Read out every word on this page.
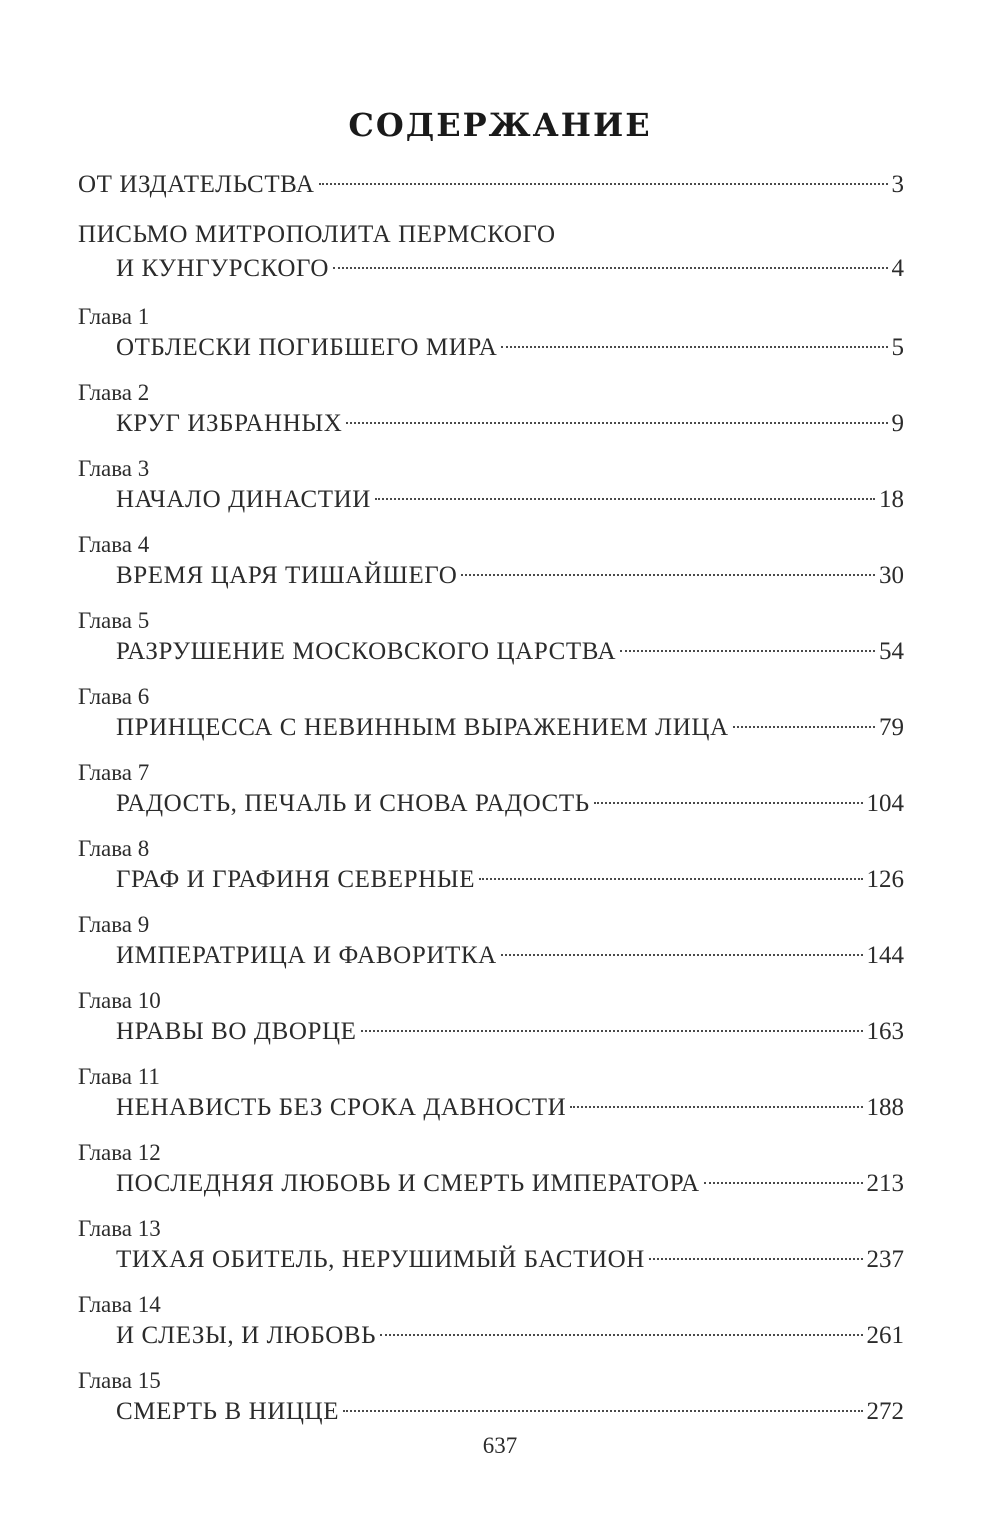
СОДЕРЖАНИЕ
ОТ ИЗДАТЕЛЬСТВА	3
ПИСЬМО МИТРОПОЛИТА ПЕРМСКОГО
И КУНГУРСКОГО	4
Глава 1
ОТБЛЕСКИ ПОГИБШЕГО МИРА	5
Глава 2
КРУГ ИЗБРАННЫХ	9
Глава 3
НАЧАЛО ДИНАСТИИ	18
Глава 4
ВРЕМЯ ЦАРЯ ТИШАЙШЕГО	30
Глава 5
РАЗРУШЕНИЕ МОСКОВСКОГО ЦАРСТВА	54
Глава 6
ПРИНЦЕССА С НЕВИННЫМ ВЫРАЖЕНИЕМ ЛИЦА	79
Глава 7
РАДОСТЬ, ПЕЧАЛЬ И СНОВА РАДОСТЬ	104
Глава 8
ГРАФ И ГРАФИНЯ СЕВЕРНЫЕ	126
Глава 9
ИМПЕРАТРИЦА И ФАВОРИТКА	144
Глава 10
НРАВЫ ВО ДВОРЦЕ	163
Глава 11
НЕНАВИСТЬ БЕЗ СРОКА ДАВНОСТИ	188
Глава 12
ПОСЛЕДНЯЯ ЛЮБОВЬ И СМЕРТЬ ИМПЕРАТОРА	213
Глава 13
ТИХАЯ ОБИТЕЛЬ, НЕРУШИМЫЙ БАСТИОН	237
Глава 14
И СЛЕЗЫ, И ЛЮБОВЬ	261
Глава 15
СМЕРТЬ В НИЦЦЕ	272
637
